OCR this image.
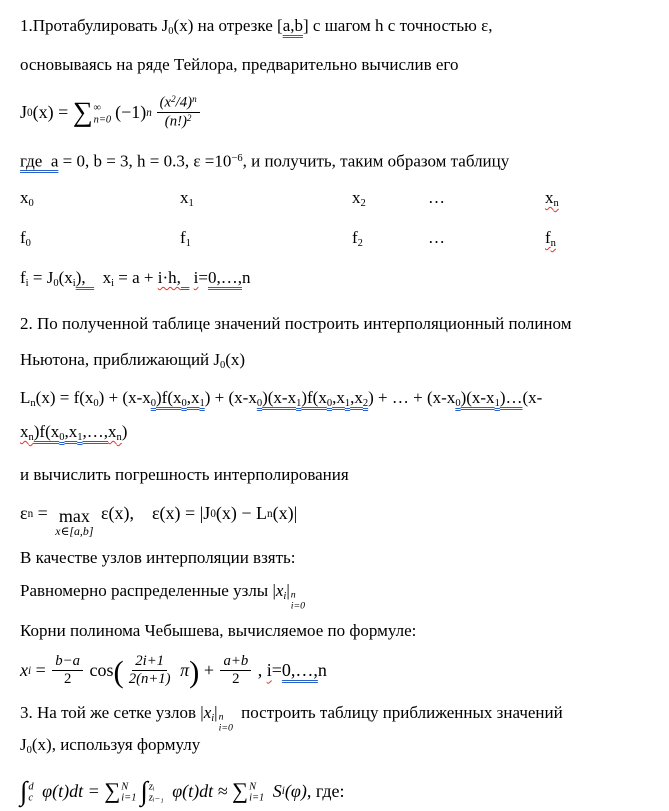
1.Протабулировать J0(x) на отрезке [a,b] с шагом h с точностью ε,
основываясь на ряде Тейлора, предварительно вычислив его
J 0 (x) = ∑ ∞
n=0 (−1) n $\frac{(x^2/4)^n}{(n!)^2}$
где  a = 0, b = 3, h = 0.3, $\varepsilon =10^{-6}$, и получить, таким образом таблицу
x0	x1	x2	…	xn
f0	f1	f2	…	fn
fi = J0(xi),    xi = a + i·h, i=0,…,n
2. По полученной таблице значений построить интерполяционный полином
Ньютона, приближающий J0(x)
Ln(x) = f(x0) + (x-x0)f(x0,x1) + (x-x0)(x-x1)f(x0,x1,x2) + … + (x-x0)(x-x1)…(x-
xn)f(x0,x1,…,xn)
и вычислить погрешность интерполирования
ε n = max
x∈[a,b]
ε(x), ε(x) = |J 0 (x) − L n (x)|
В качестве узлов интерполяции взять:
Равномерно распределенные узлы |xi| n
i=0
Корни полинома Чебышева, вычисляемое по формуле:
x $i = \frac{b-a}{2}$ cos ( $\frac{2i+1}{2(n+1)}$ π ) + $\frac{a+b}{2}$ , i = 0,…, n
3. На той же сетке узлов |xi| n
i=0
построить таблицу приближенных значений
J0(x), используя формулу
∫ d
c φ(t)dt = ∑ N
i=1 ∫ zᵢ
zᵢ₋₁ φ(t)dt ≈ ∑ N
i=1 S i (φ) , где:
